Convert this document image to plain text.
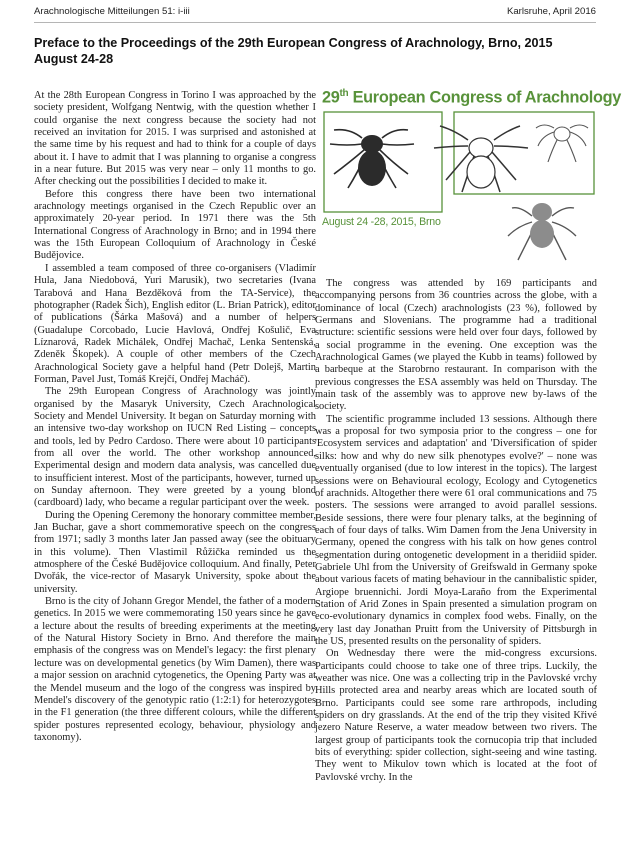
Arachnologische Mitteilungen 51: i-iii	Karlsruhe, April 2016
Preface to the Proceedings of the 29th European Congress of Arachnology, Brno, 2015 August 24-28

At the 28th European Congress in Torino I was approached by the society president, Wolfgang Nentwig, with the question whether I could organise the next congress because the society had not received an invitation for 2015. I was surprised and astonished at the same time by his request and had to think for a couple of days about it. I have to admit that I was planning to organise a congress in a near future. But 2015 was very near – only 11 months to go. After checking out the possibilities I decided to make it.

Before this congress there have been two international arachnology meetings organised in the Czech Republic over an approximately 20-year period. In 1971 there was the 5th International Congress of Arachnology in Brno; and in 1994 there was the 15th European Colloquium of Arachnology in České Budějovice.

I assembled a team composed of three co-organisers (Vladimír Hula, Jana Niedobová, Yuri Marusik), two secretaries (Ivana Tarabová and Hana Bezděková from the TA-Service), the photographer (Radek Šich), English editor (L. Brian Patrick), editor of publications (Šárka Mašová) and a number of helpers (Guadalupe Corcobado, Lucie Havlová, Ondřej Košulič, Eva Líznarová, Radek Michálek, Ondřej Machač, Lenka Sentenská, Zdeněk Škopek). A couple of other members of the Czech Arachnological Society gave a helpful hand (Petr Dolejš, Martin Forman, Pavel Just, Tomáš Krejčí, Ondřej Macháč).

The 29th European Congress of Arachnology was jointly organised by the Masaryk University, Czech Arachnological Society and Mendel University. It began on Saturday morning with an intensive two-day workshop on IUCN Red Listing – concepts and tools, led by Pedro Cardoso. There were about 10 participants from all over the world. The other workshop announced, Experimental design and modern data analysis, was cancelled due to insufficient interest. Most of the participants, however, turned up on Sunday afternoon. They were greeted by a young blond (cardboard) lady, who became a regular participant over the week.

During the Opening Ceremony the honorary committee member, Jan Buchar, gave a short commemorative speech on the congress from 1971; sadly 3 months later Jan passed away (see the obituary in this volume). Then Vlastimil Růžička reminded us the atmosphere of the České Budějovice colloquium. And finally, Peter Dvořák, the vice-rector of Masaryk University, spoke about the university.

Brno is the city of Johann Gregor Mendel, the father of a modern genetics. In 2015 we were commemorating 150 years since he gave a lecture about the results of breeding experiments at the meeting of the Natural History Society in Brno. And therefore the main emphasis of the congress was on Mendel's legacy: the first plenary lecture was on developmental genetics (by Wim Damen), there was a major session on arachnid cytogenetics, the Opening Party was at the Mendel museum and the logo of the congress was inspired by Mendel's discovery of the genotypic ratio (1:2:1) for heterozygotes in the F1 generation (the three different colours, while the different spider postures represented ecology, behaviour, physiology and taxonomy).

29th European Congress of Arachnology
August 24 -28, 2015, Brno

The congress was attended by 169 participants and accompanying persons from 36 countries across the globe, with a dominance of local (Czech) arachnologists (23 %), followed by Germans and Slovenians. The programme had a traditional structure: scientific sessions were held over four days, followed by a social programme in the evening. One exception was the Arachnological Games (we played the Kubb in teams) followed by a barbeque at the Starobrno restaurant. In comparison with the previous congresses the ESA assembly was held on Thursday. The main task of the assembly was to approve new by-laws of the society.

The scientific programme included 13 sessions. Although there was a proposal for two symposia prior to the congress – one for 'Ecosystem services and adaptation' and 'Diversification of spider silks: how and why do new silk phenotypes evolve?' – none was eventually organised (due to low interest in the topics). The largest sessions were on Behavioural ecology, Ecology and Cytogenetics of arachnids. Altogether there were 61 oral communications and 75 posters. The sessions were arranged to avoid parallel sessions. Beside sessions, there were four plenary talks, at the beginning of each of four days of talks. Wim Damen from the Jena University in Germany, opened the congress with his talk on how genes control segmentation during ontogenetic development in a theridiid spider. Gabriele Uhl from the University of Greifswald in Germany spoke about various facets of mating behaviour in the cannibalistic spider, Argiope bruennichi. Jordi Moya-Laraño from the Experimental Station of Arid Zones in Spain presented a simulation program on eco-evolutionary dynamics in complex food webs. Finally, on the very last day Jonathan Pruitt from the University of Pittsburgh in the US, presented results on the personality of spiders.

On Wednesday there were the mid-congress excursions. Participants could choose to take one of three trips. Luckily, the weather was nice. One was a collecting trip in the Pavlovské vrchy Hills protected area and nearby areas which are located south of Brno. Participants could see some rare arthropods, including spiders on dry grasslands. At the end of the trip they visited Křivé jezero Nature Reserve, a water meadow between two rivers. The largest group of participants took the cornucopia trip that included bits of everything: spider collection, sight-seeing and wine tasting. They went to Mikulov town which is located at the foot of Pavlovské vrchy. In the
